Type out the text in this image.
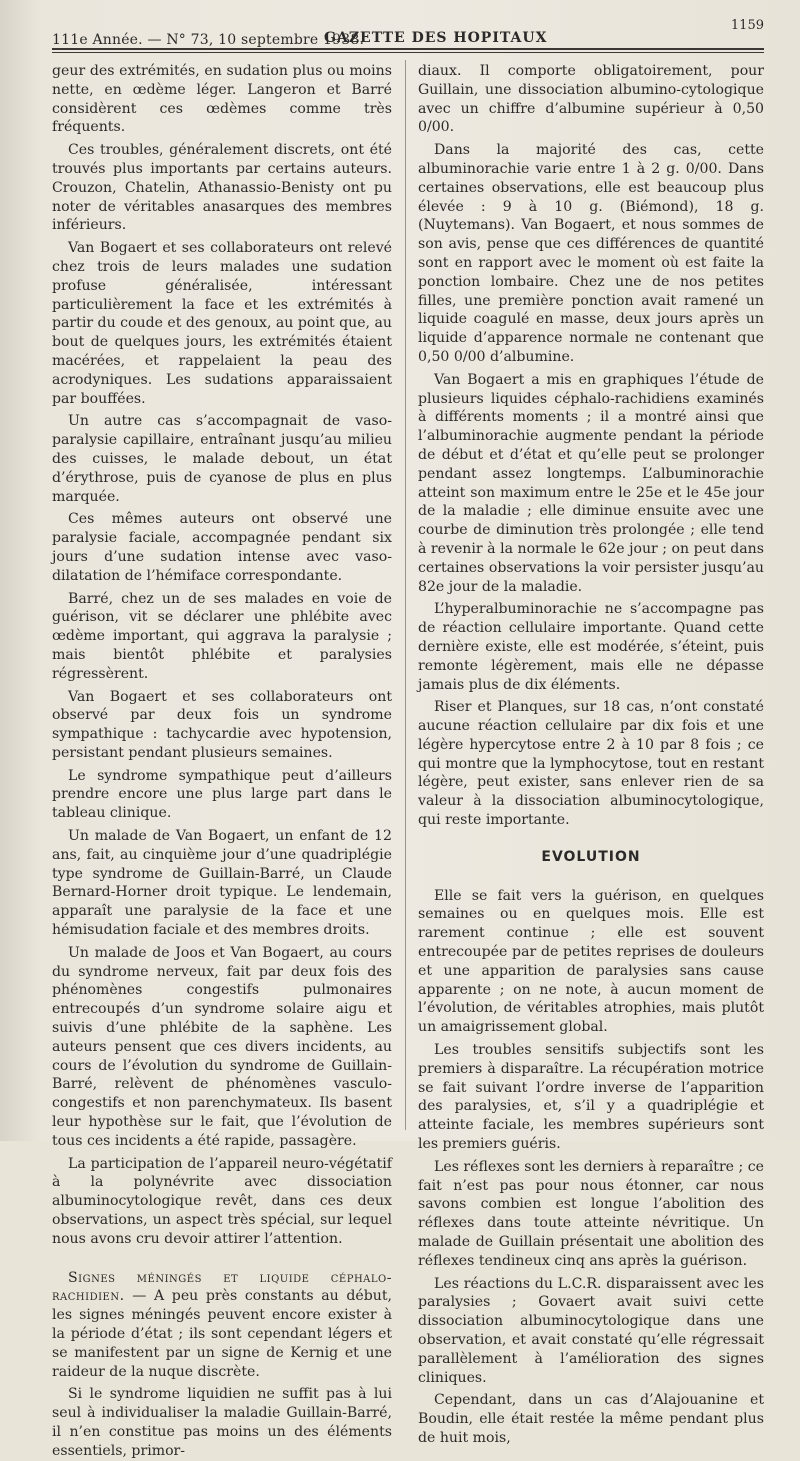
111e Année. — N° 73, 10 septembre 1938.
GAZETTE DES HOPITAUX
1159

geur des extrémités, en sudation plus ou moins nette, en œdème léger. Langeron et Barré considèrent ces œdèmes comme très fréquents.

Ces troubles, généralement discrets, ont été trouvés plus importants par certains auteurs. Crouzon, Chatelin, Athanassio-Benisty ont pu noter de véritables anasarques des membres inférieurs.

Van Bogaert et ses collaborateurs ont relevé chez trois de leurs malades une sudation profuse généralisée, intéressant particulièrement la face et les extrémités à partir du coude et des genoux, au point que, au bout de quelques jours, les extrémités étaient macérées, et rappelaient la peau des acrodyniques. Les sudations apparaissaient par bouffées.

Un autre cas s’accompagnait de vaso-paralysie capillaire, entraînant jusqu’au milieu des cuisses, le malade debout, un état d’érythrose, puis de cyanose de plus en plus marquée.

Ces mêmes auteurs ont observé une paralysie faciale, accompagnée pendant six jours d’une sudation intense avec vaso-dilatation de l’hémiface correspondante.

Barré, chez un de ses malades en voie de guérison, vit se déclarer une phlébite avec œdème important, qui aggrava la paralysie ; mais bientôt phlébite et paralysies régressèrent.

Van Bogaert et ses collaborateurs ont observé par deux fois un syndrome sympathique : tachycardie avec hypotension, persistant pendant plusieurs semaines.

Le syndrome sympathique peut d’ailleurs prendre encore une plus large part dans le tableau clinique.

Un malade de Van Bogaert, un enfant de 12 ans, fait, au cinquième jour d’une quadriplégie type syndrome de Guillain-Barré, un Claude Bernard-Horner droit typique. Le lendemain, apparaît une paralysie de la face et une hémisudation faciale et des membres droits.

Un malade de Joos et Van Bogaert, au cours du syndrome nerveux, fait par deux fois des phénomènes congestifs pulmonaires entrecoupés d’un syndrome solaire aigu et suivis d’une phlébite de la saphène. Les auteurs pensent que ces divers incidents, au cours de l’évolution du syndrome de Guillain-Barré, relèvent de phénomènes vasculo-congestifs et non parenchymateux. Ils basent leur hypothèse sur le fait, que l’évolution de tous ces incidents a été rapide, passagère.

La participation de l’appareil neuro-végétatif à la polynévrite avec dissociation albuminocytologique revêt, dans ces deux observations, un aspect très spécial, sur lequel nous avons cru devoir attirer l’attention.

Signes méningés et liquide céphalo-rachidien. — A peu près constants au début, les signes méningés peuvent encore exister à la période d’état ; ils sont cependant légers et se manifestent par un signe de Kernig et une raideur de la nuque discrète.

Si le syndrome liquidien ne suffit pas à lui seul à individualiser la maladie Guillain-Barré, il n’en constitue pas moins un des éléments essentiels, primor-

diaux. Il comporte obligatoirement, pour Guillain, une dissociation albumino-cytologique avec un chiffre d’albumine supérieur à 0,50 0/00.

Dans la majorité des cas, cette albuminorachie varie entre 1 à 2 g. 0/00. Dans certaines observations, elle est beaucoup plus élevée : 9 à 10 g. (Biémond), 18 g. (Nuytemans). Van Bogaert, et nous sommes de son avis, pense que ces différences de quantité sont en rapport avec le moment où est faite la ponction lombaire. Chez une de nos petites filles, une première ponction avait ramené un liquide coagulé en masse, deux jours après un liquide d’apparence normale ne contenant que 0,50 0/00 d’albumine.

Van Bogaert a mis en graphiques l’étude de plusieurs liquides céphalo-rachidiens examinés à différents moments ; il a montré ainsi que l’albuminorachie augmente pendant la période de début et d’état et qu’elle peut se prolonger pendant assez longtemps. L’albuminorachie atteint son maximum entre le 25e et le 45e jour de la maladie ; elle diminue ensuite avec une courbe de diminution très prolongée ; elle tend à revenir à la normale le 62e jour ; on peut dans certaines observations la voir persister jusqu’au 82e jour de la maladie.

L’hyperalbuminorachie ne s’accompagne pas de réaction cellulaire importante. Quand cette dernière existe, elle est modérée, s’éteint, puis remonte légèrement, mais elle ne dépasse jamais plus de dix éléments.

Riser et Planques, sur 18 cas, n’ont constaté aucune réaction cellulaire par dix fois et une légère hypercytose entre 2 à 10 par 8 fois ; ce qui montre que la lymphocytose, tout en restant légère, peut exister, sans enlever rien de sa valeur à la dissociation albuminocytologique, qui reste importante.

EVOLUTION

Elle se fait vers la guérison, en quelques semaines ou en quelques mois. Elle est rarement continue ; elle est souvent entrecoupée par de petites reprises de douleurs et une apparition de paralysies sans cause apparente ; on ne note, à aucun moment de l’évolution, de véritables atrophies, mais plutôt un amaigrissement global.

Les troubles sensitifs subjectifs sont les premiers à disparaître. La récupération motrice se fait suivant l’ordre inverse de l’apparition des paralysies, et, s’il y a quadriplégie et atteinte faciale, les membres supérieurs sont les premiers guéris.

Les réflexes sont les derniers à reparaître ; ce fait n’est pas pour nous étonner, car nous savons combien est longue l’abolition des réflexes dans toute atteinte névritique. Un malade de Guillain présentait une abolition des réflexes tendineux cinq ans après la guérison.

Les réactions du L.C.R. disparaissent avec les paralysies ; Govaert avait suivi cette dissociation albuminocytologique dans une observation, et avait constaté qu’elle régressait parallèlement à l’amélioration des signes cliniques.

Cependant, dans un cas d’Alajouanine et Boudin, elle était restée la même pendant plus de huit mois,
